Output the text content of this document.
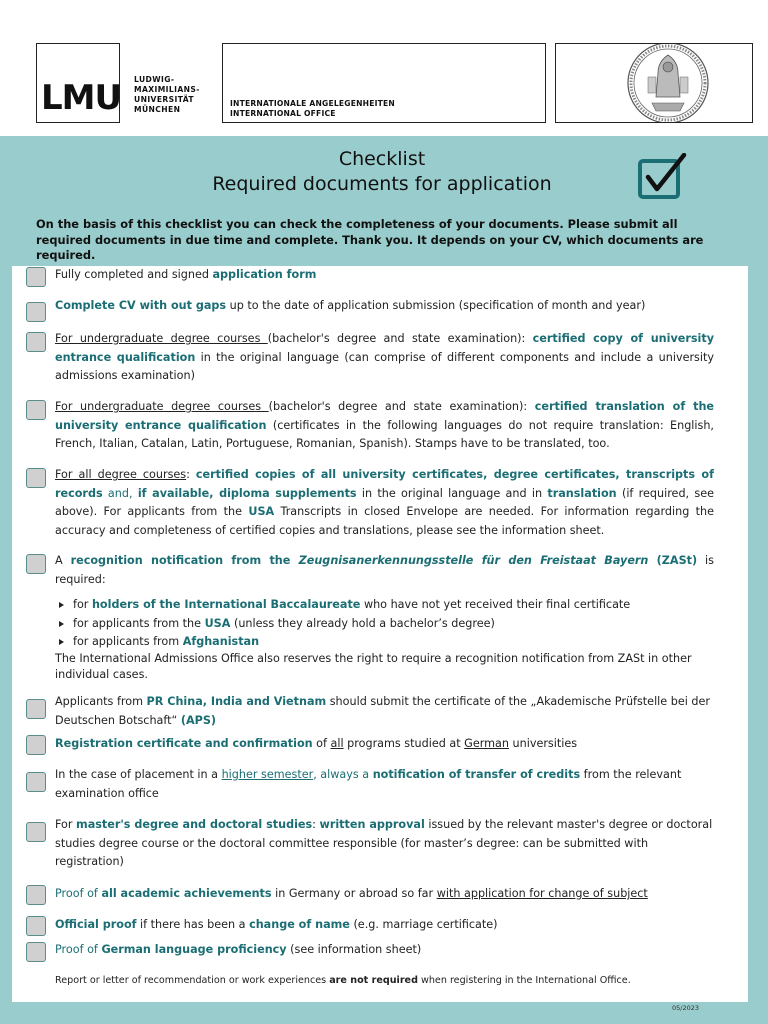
LMU LUDWIG-
MAXIMILIANS-
UNIVERSITÄT
MÜNCHEN
INTERNATIONALE ANGELEGENHEITEN
INTERNATIONAL OFFICE
Checklist
Required documents for application
On the basis of this checklist you can check the completeness of your documents. Please submit all required documents in due time and complete. Thank you. It depends on your CV, which documents are required.
Fully completed and signed application form
Complete CV with out gaps up to the date of application submission (specification of month and year)
For undergraduate degree courses (bachelor's degree and state examination): certified copy of university entrance qualification in the original language (can comprise of different components and include a university admissions examination)
For undergraduate degree courses (bachelor's degree and state examination): certified translation of the university entrance qualification (certificates in the following languages do not require translation: English, French, Italian, Catalan, Latin, Portuguese, Romanian, Spanish). Stamps have to be translated, too.
For all degree courses: certified copies of all university certificates, degree certificates, transcripts of records and, if available, diploma supplements in the original language and in translation (if required, see above). For applicants from the USA Transcripts in closed Envelope are needed. For information regarding the accuracy and completeness of certified copies and translations, please see the information sheet.
A recognition notification from the Zeugnisanerkennungsstelle für den Freistaat Bayern (ZASt) is required:
for holders of the International Baccalaureate who have not yet received their final certificate
for applicants from the USA (unless they already hold a bachelor’s degree)
for applicants from Afghanistan
The International Admissions Office also reserves the right to require a recognition notification from ZASt in other individual cases.
Applicants from PR China, India and Vietnam should submit the certificate of the „Akademische Prüfstelle bei der Deutschen Botschaft“ (APS)
Registration certificate and confirmation of all programs studied at German universities
In the case of placement in a higher semester, always a notification of transfer of credits from the relevant examination office
For master's degree and doctoral studies: written approval issued by the relevant master's degree or doctoral studies degree course or the doctoral committee responsible (for master’s degree: can be submitted with registration)
Proof of all academic achievements in Germany or abroad so far with application for change of subject
Official proof if there has been a change of name (e.g. marriage certificate)
Proof of German language proficiency (see information sheet)
Report or letter of recommendation or work experiences are not required when registering in the International Office.
05/2023
